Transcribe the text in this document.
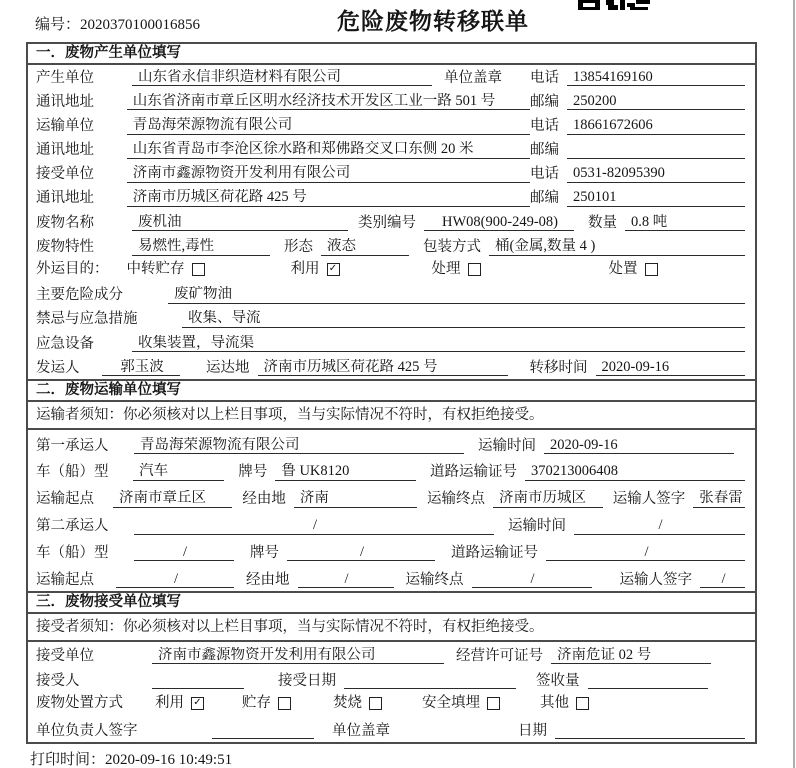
编号：2020370100016856	危险废物转移联单
一．废物产生单位填写
产生单位	山东省永信非织造材料有限公司	单位盖章 电话 13854169160
通讯地址	山东省济南市章丘区明水经济技术开发区工业一路 501 号	邮编 250200
运输单位	青岛海荣源物流有限公司	电话 18661672606
通讯地址	山东省青岛市李沧区徐水路和郑佛路交叉口东侧 20 米	邮编
接受单位	济南市鑫源物资开发利用有限公司	电话 0531-82095390
通讯地址	济南市历城区荷花路 425 号	邮编 250101
废物名称	废机油	类别编号	HW08(900-249-08)	数量 0.8 吨
废物特性	易燃性,毒性	形态 液态	包装方式 桶(金属,数量 4 )
外运目的： 中转贮存	利用 ✓	处理	处置
主要危险成分	废矿物油
禁忌与应急措施	收集、导流
应急设备	收集装置，导流渠
发运人	郭玉波	运达地 济南市历城区荷花路 425 号	转移时间 2020-09-16
二．废物运输单位填写
运输者须知：你必须核对以上栏目事项，当与实际情况不符时，有权拒绝接受。
第一承运人	青岛海荣源物流有限公司	运输时间 2020-09-16
车（船）型	汽车	牌号 鲁 UK8120	道路运输证号 370213006408
运输起点	济南市章丘区	经由地 济南	运输终点 济南市历城区	运输人签字 张春雷
第二承运人	/	运输时间	/
车（船）型	/	牌号	/	道路运输证号	/
运输起点	/	经由地	/	运输终点	/	运输人签字	/
三．废物接受单位填写
接受者须知：你必须核对以上栏目事项，当与实际情况不符时，有权拒绝接受。
接受单位	济南市鑫源物资开发利用有限公司	经营许可证号 济南危证 02 号
接受人	接受日期	签收量
废物处置方式 利用 ✓	贮存	焚烧	安全填埋	其他
单位负责人签字	单位盖章	日期
打印时间：2020-09-16 10:49:51
